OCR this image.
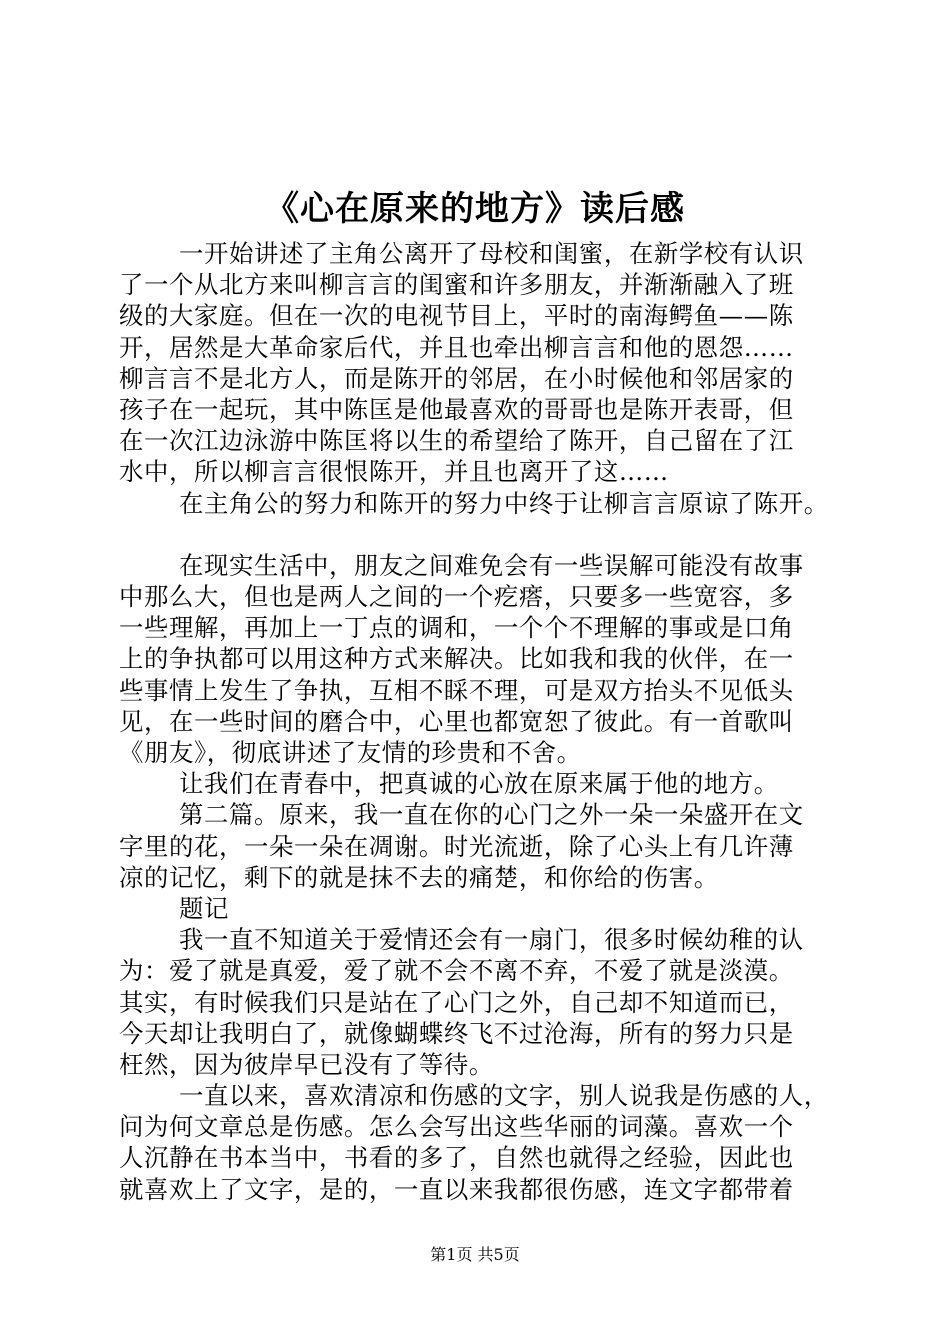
《心在原来的地方》读后感
一开始讲述了主角公离开了母校和闺蜜，在新学校有认识
了一个从北方来叫柳言言的闺蜜和许多朋友，并渐渐融入了班
级的大家庭。但在一次的电视节目上，平时的南海鳄鱼——陈
开，居然是大革命家后代，并且也牵出柳言言和他的恩怨……
柳言言不是北方人，而是陈开的邻居，在小时候他和邻居家的
孩子在一起玩，其中陈匡是他最喜欢的哥哥也是陈开表哥，但
在一次江边泳游中陈匡将以生的希望给了陈开，自己留在了江
水中，所以柳言言很恨陈开，并且也离开了这……
在主角公的努力和陈开的努力中终于让柳言言原谅了陈开。
在现实生活中，朋友之间难免会有一些误解可能没有故事
中那么大，但也是两人之间的一个疙瘩，只要多一些宽容，多
一些理解，再加上一丁点的调和，一个个不理解的事或是口角
上的争执都可以用这种方式来解决。比如我和我的伙伴，在一
些事情上发生了争执，互相不睬不理，可是双方抬头不见低头
见，在一些时间的磨合中，心里也都宽恕了彼此。有一首歌叫
《朋友》，彻底讲述了友情的珍贵和不舍。
让我们在青春中，把真诚的心放在原来属于他的地方。
第二篇。原来，我一直在你的心门之外一朵一朵盛开在文
字里的花，一朵一朵在凋谢。时光流逝，除了心头上有几许薄
凉的记忆，剩下的就是抹不去的痛楚，和你给的伤害。
题记
我一直不知道关于爱情还会有一扇门，很多时候幼稚的认
为：爱了就是真爱，爱了就不会不离不弃，不爱了就是淡漠。
其实，有时候我们只是站在了心门之外，自己却不知道而已，
今天却让我明白了，就像蝴蝶终飞不过沧海，所有的努力只是
枉然，因为彼岸早已没有了等待。
一直以来，喜欢清凉和伤感的文字，别人说我是伤感的人，
问为何文章总是伤感。怎么会写出这些华丽的词藻。喜欢一个
人沉静在书本当中，书看的多了，自然也就得之经验，因此也
就喜欢上了文字，是的，一直以来我都很伤感，连文字都带着
第1页 共5页
